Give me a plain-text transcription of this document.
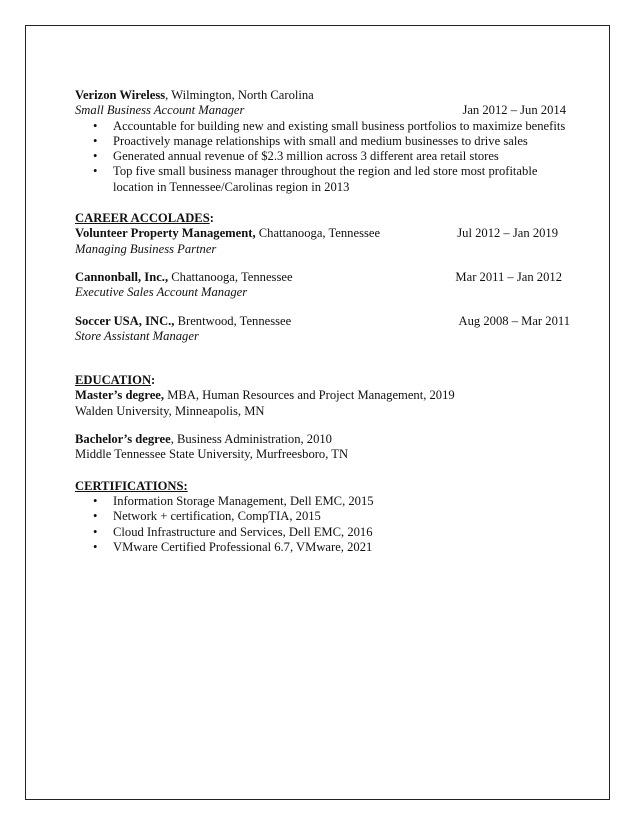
Verizon Wireless, Wilmington, North Carolina
Small Business Account Manager	Jan 2012 – Jun 2014
• Accountable for building new and existing small business portfolios to maximize benefits
• Proactively manage relationships with small and medium businesses to drive sales
• Generated annual revenue of $2.3 million across 3 different area retail stores
• Top five small business manager throughout the region and led store most profitable location in Tennessee/Carolinas region in 2013
CAREER ACCOLADES:
Volunteer Property Management, Chattanooga, Tennessee	Jul 2012 – Jan 2019
Managing Business Partner
Cannonball, Inc., Chattanooga, Tennessee	Mar 2011 – Jan 2012
Executive Sales Account Manager
Soccer USA, INC., Brentwood, Tennessee	Aug 2008 – Mar 2011
Store Assistant Manager
EDUCATION:
Master’s degree, MBA, Human Resources and Project Management, 2019
Walden University, Minneapolis, MN
Bachelor’s degree, Business Administration, 2010
Middle Tennessee State University, Murfreesboro, TN
CERTIFICATIONS:
• Information Storage Management, Dell EMC, 2015
• Network + certification, CompTIA, 2015
• Cloud Infrastructure and Services, Dell EMC, 2016
• VMware Certified Professional 6.7, VMware, 2021
